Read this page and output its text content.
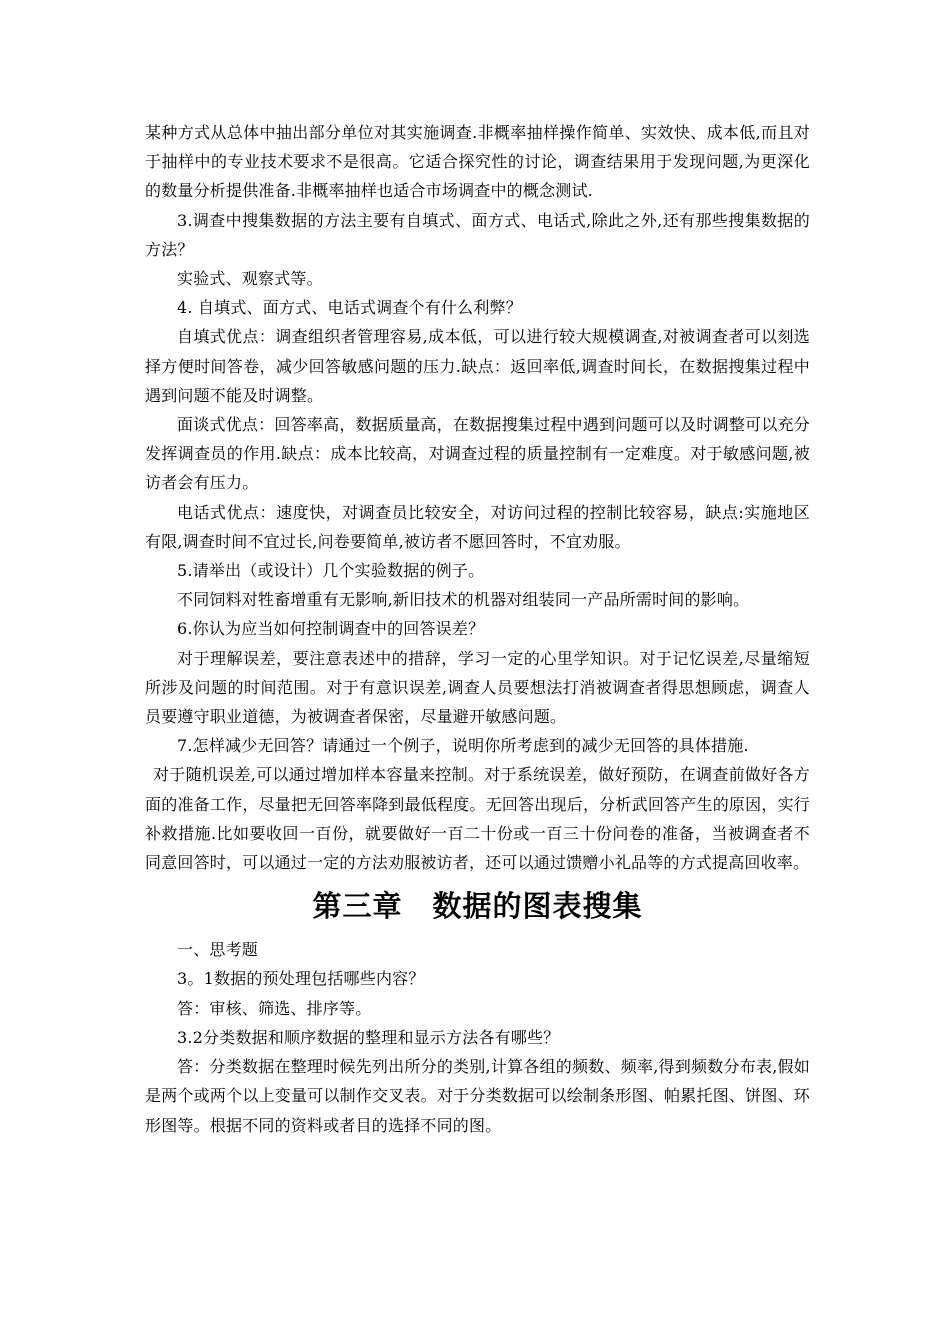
某种方式从总体中抽出部分单位对其实施调查.非概率抽样操作简单、实效快、成本低,而且对于抽样中的专业技术要求不是很高。它适合探究性的讨论，调查结果用于发现问题,为更深化的数量分析提供准备.非概率抽样也适合市场调查中的概念测试.

3.调查中搜集数据的方法主要有自填式、面方式、电话式,除此之外,还有那些搜集数据的方法？

实验式、观察式等。

4. 自填式、面方式、电话式调查个有什么利弊？

自填式优点：调查组织者管理容易,成本低，可以进行较大规模调查,对被调查者可以刻选择方便时间答卷，减少回答敏感问题的压力.缺点：返回率低,调查时间长，在数据搜集过程中遇到问题不能及时调整。

面谈式优点：回答率高，数据质量高，在数据搜集过程中遇到问题可以及时调整可以充分发挥调查员的作用.缺点：成本比较高，对调查过程的质量控制有一定难度。对于敏感问题,被访者会有压力。

电话式优点：速度快，对调查员比较安全，对访问过程的控制比较容易，缺点:实施地区有限,调查时间不宜过长,问卷要简单,被访者不愿回答时，不宜劝服。

5.请举出（或设计）几个实验数据的例子。

不同饲料对牲畜增重有无影响,新旧技术的机器对组装同一产品所需时间的影响。

6.你认为应当如何控制调查中的回答误差？

对于理解误差，要注意表述中的措辞，学习一定的心里学知识。对于记忆误差,尽量缩短所涉及问题的时间范围。对于有意识误差,调查人员要想法打消被调查者得思想顾虑，调查人员要遵守职业道德，为被调查者保密，尽量避开敏感问题。

7.怎样减少无回答？请通过一个例子，说明你所考虑到的减少无回答的具体措施.

对于随机误差,可以通过增加样本容量来控制。对于系统误差，做好预防，在调查前做好各方面的准备工作，尽量把无回答率降到最低程度。无回答出现后，分析武回答产生的原因，实行补救措施.比如要收回一百份，就要做好一百二十份或一百三十份问卷的准备，当被调查者不同意回答时，可以通过一定的方法劝服被访者，还可以通过馈赠小礼品等的方式提高回收率。

第三章　数据的图表搜集

一、思考题

3。1数据的预处理包括哪些内容？

答：审核、筛选、排序等。

3.2分类数据和顺序数据的整理和显示方法各有哪些？

答：分类数据在整理时候先列出所分的类别,计算各组的频数、频率,得到频数分布表,假如是两个或两个以上变量可以制作交叉表。对于分类数据可以绘制条形图、帕累托图、饼图、环形图等。根据不同的资料或者目的选择不同的图。
